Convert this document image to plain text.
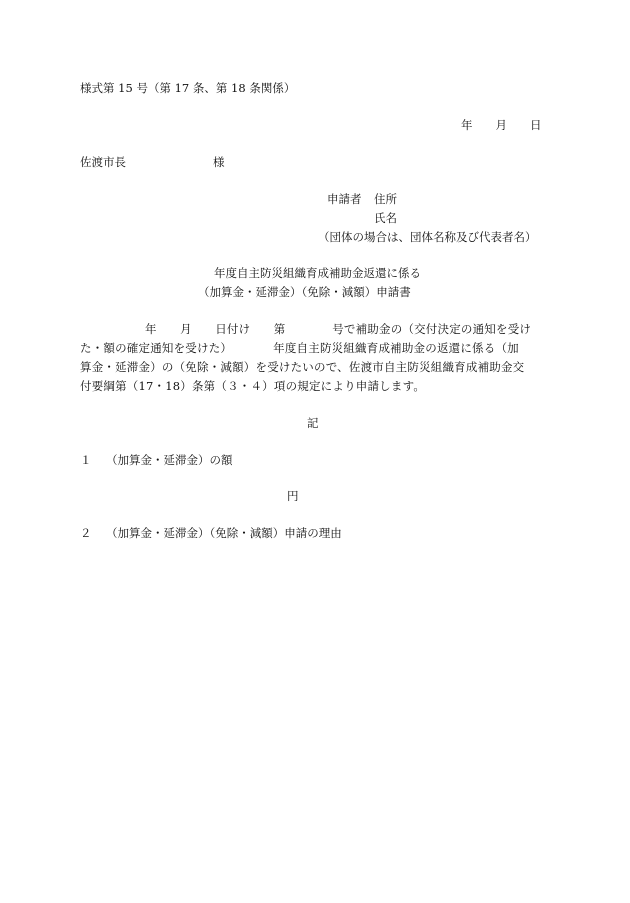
様式第 15 号（第 17 条、第 18 条関係）
年　　月　　日
佐渡市長	様
申請者 住所
氏名
（団体の場合は、団体名称及び代表者名）
年度自主防災組織育成補助金返還に係る
（加算金・延滞金）（免除・減額）申請書
年　　月　　日付け　　第　　　　号で補助金の（交付決定の通知を受け
た・額の確定通知を受けた）　　　　年度自主防災組織育成補助金の返還に係る（加
算金・延滞金）の（免除・減額）を受けたいので、佐渡市自主防災組織育成補助金交
付要綱第（17・18）条第（３・４）項の規定により申請します。
記
１ （加算金・延滞金）の額
円
２ （加算金・延滞金）（免除・減額）申請の理由
